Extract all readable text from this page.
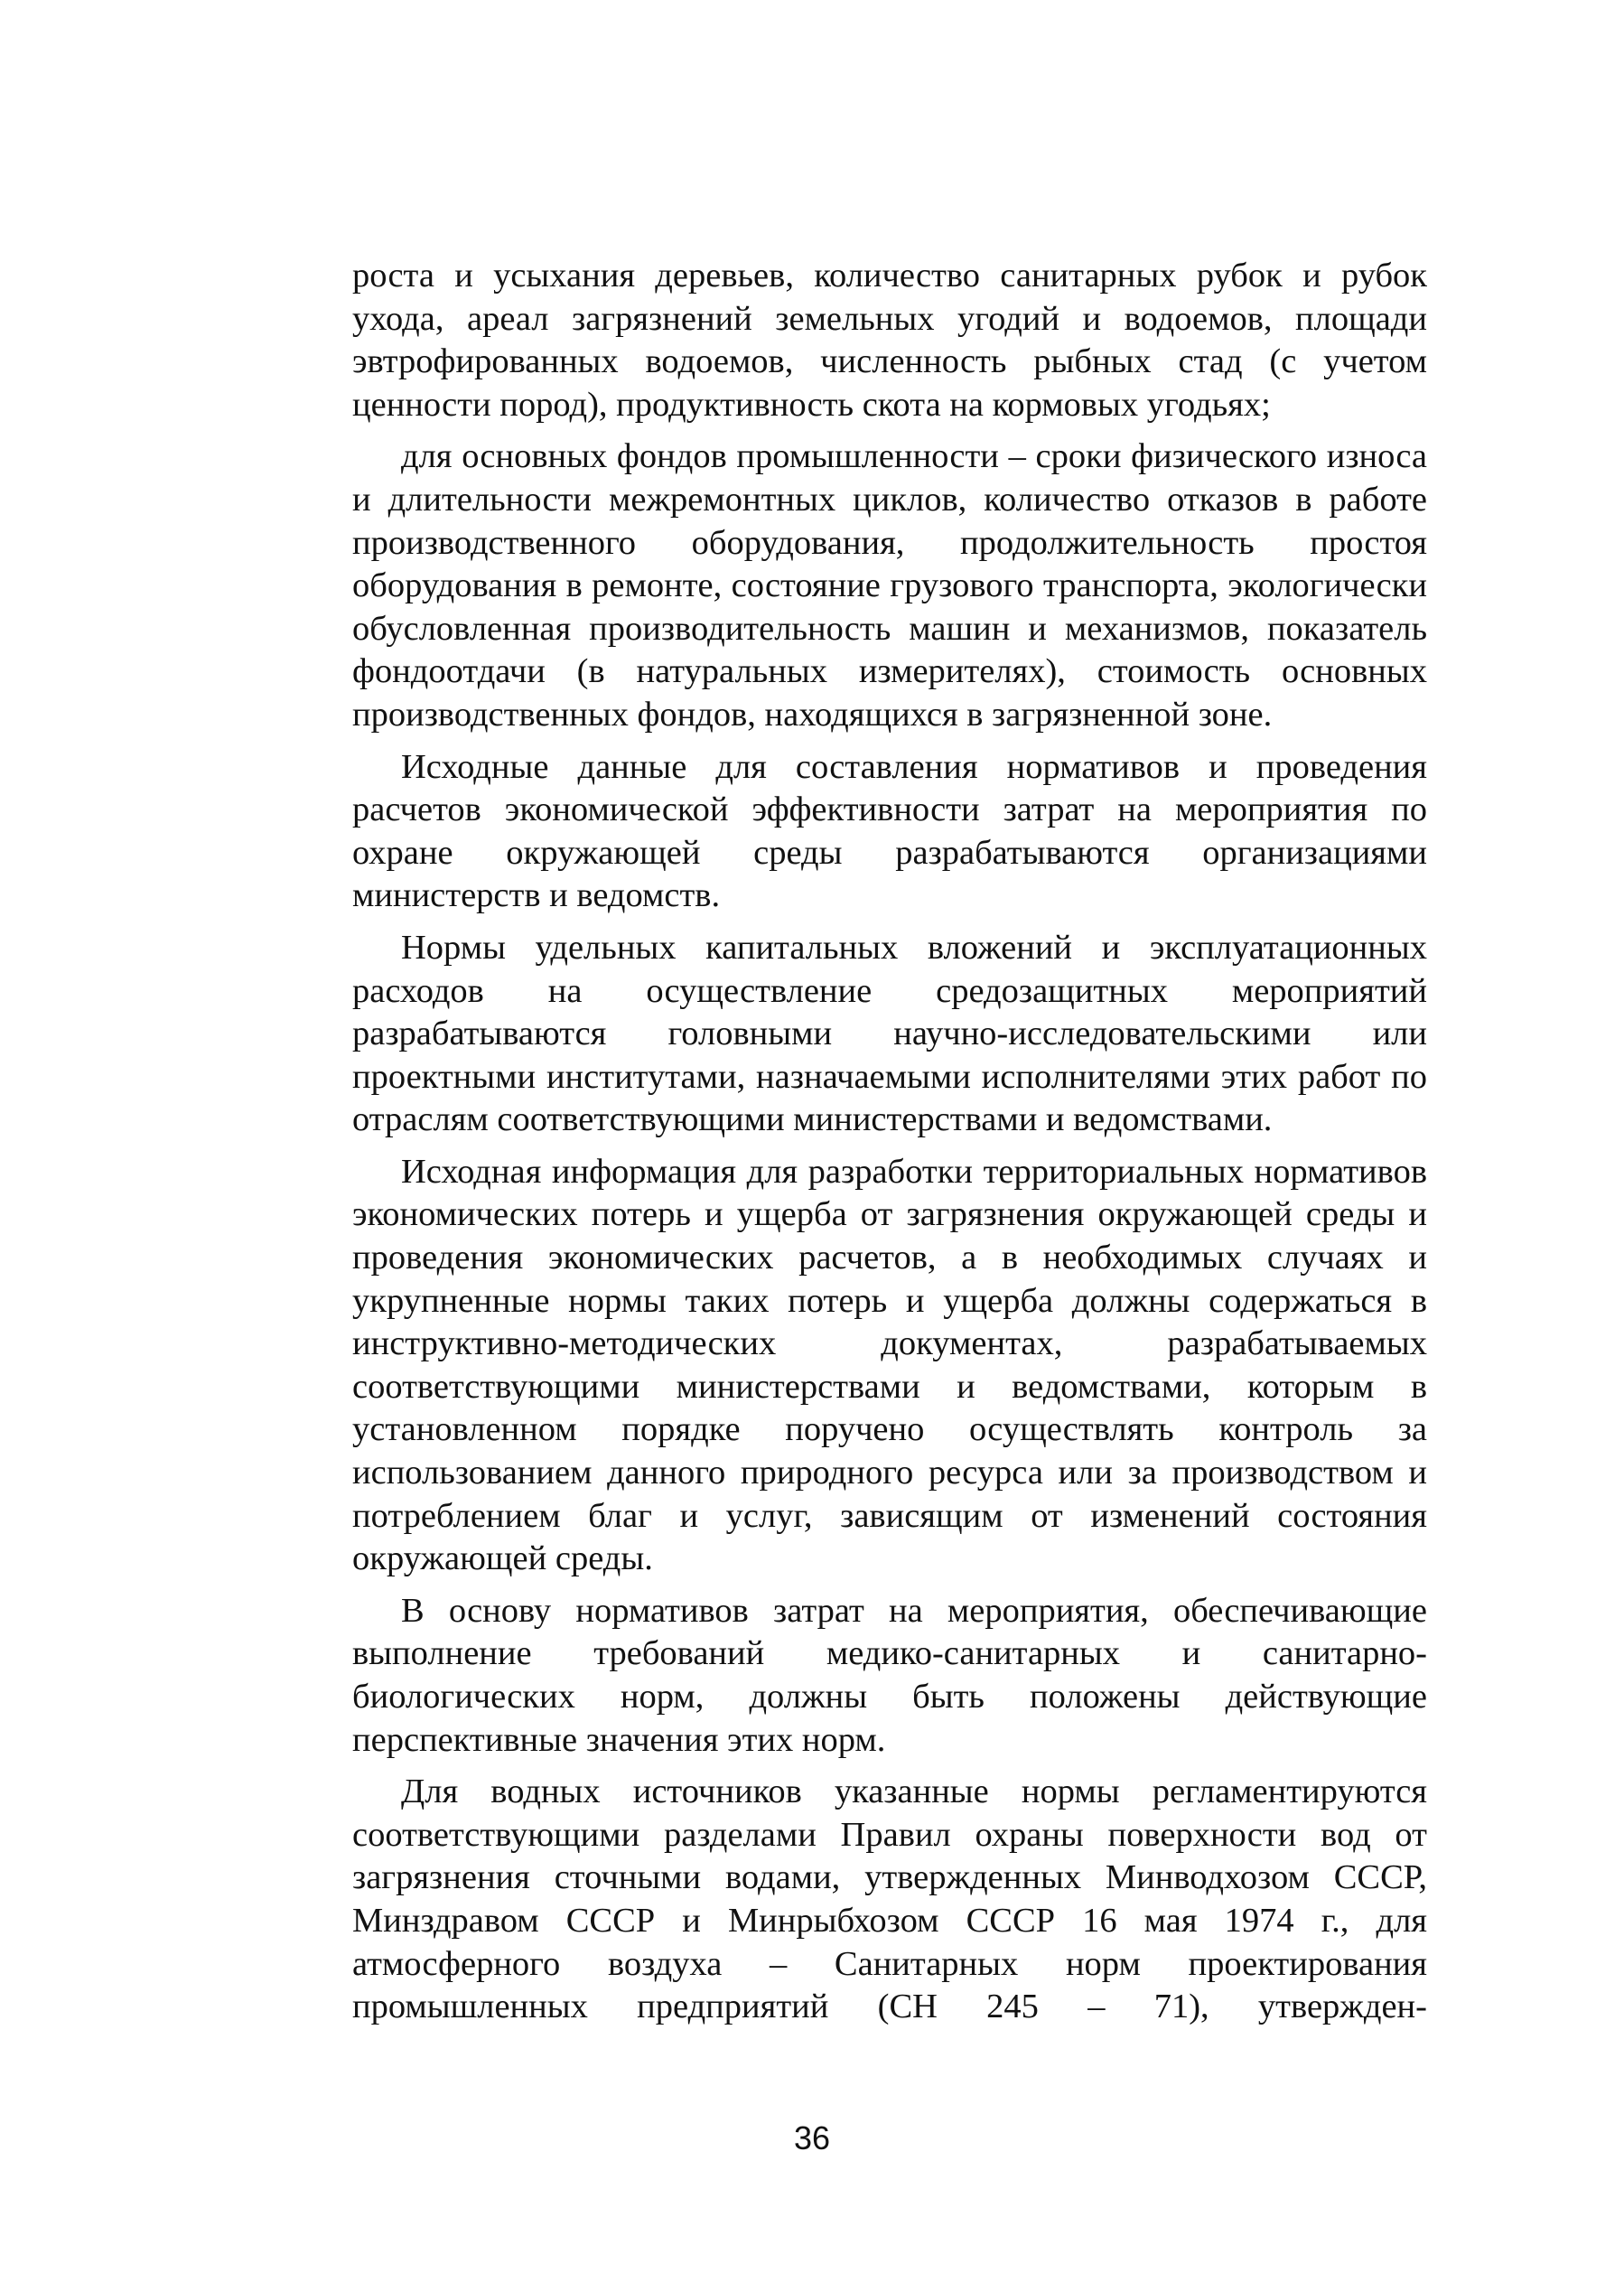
роста и усыхания деревьев, количество санитарных рубок и рубок ухода, ареал загрязнений земельных угодий и водоемов, площади эвтрофированных водоемов, численность рыбных стад (с учетом ценности пород), продуктивность скота на кормовых угодьях;

для основных фондов промышленности – сроки физического износа и длительности межремонтных циклов, количество отказов в работе производственного оборудования, продолжительность простоя оборудования в ремонте, состояние грузового транспорта, экологически обусловленная производительность машин и механизмов, показатель фондоотдачи (в натуральных измерителях), стоимость основных производственных фондов, находящихся в загрязненной зоне.

Исходные данные для составления нормативов и проведения расчетов экономической эффективности затрат на мероприятия по охране окружающей среды разрабатываются организациями министерств и ведомств.

Нормы удельных капитальных вложений и эксплуатационных расходов на осуществление средозащитных мероприятий разрабатываются головными научно-исследовательскими или проектными институтами, назначаемыми исполнителями этих работ по отраслям соответствующими министерствами и ведомствами.

Исходная информация для разработки территориальных нормативов экономических потерь и ущерба от загрязнения окружающей среды и проведения экономических расчетов, а в необходимых случаях и укрупненные нормы таких потерь и ущерба должны содержаться в инструктивно-методических документах, разрабатываемых соответствующими министерствами и ведомствами, которым в установленном порядке поручено осуществлять контроль за использованием данного природного ресурса или за производством и потреблением благ и услуг, зависящим от изменений состояния окружающей среды.

В основу нормативов затрат на мероприятия, обеспечивающие выполнение требований медико-санитарных и санитарно-биологических норм, должны быть положены действующие перспективные значения этих норм.

Для водных источников указанные нормы регламентируются соответствующими разделами Правил охраны поверхности вод от загрязнения сточными водами, утвержденных Минводхозом СССР, Минздравом СССР и Минрыбхозом СССР 16 мая 1974 г., для атмосферного воздуха – Санитарных норм проектирования промышленных предприятий (СН 245 – 71), утвержден-

36
